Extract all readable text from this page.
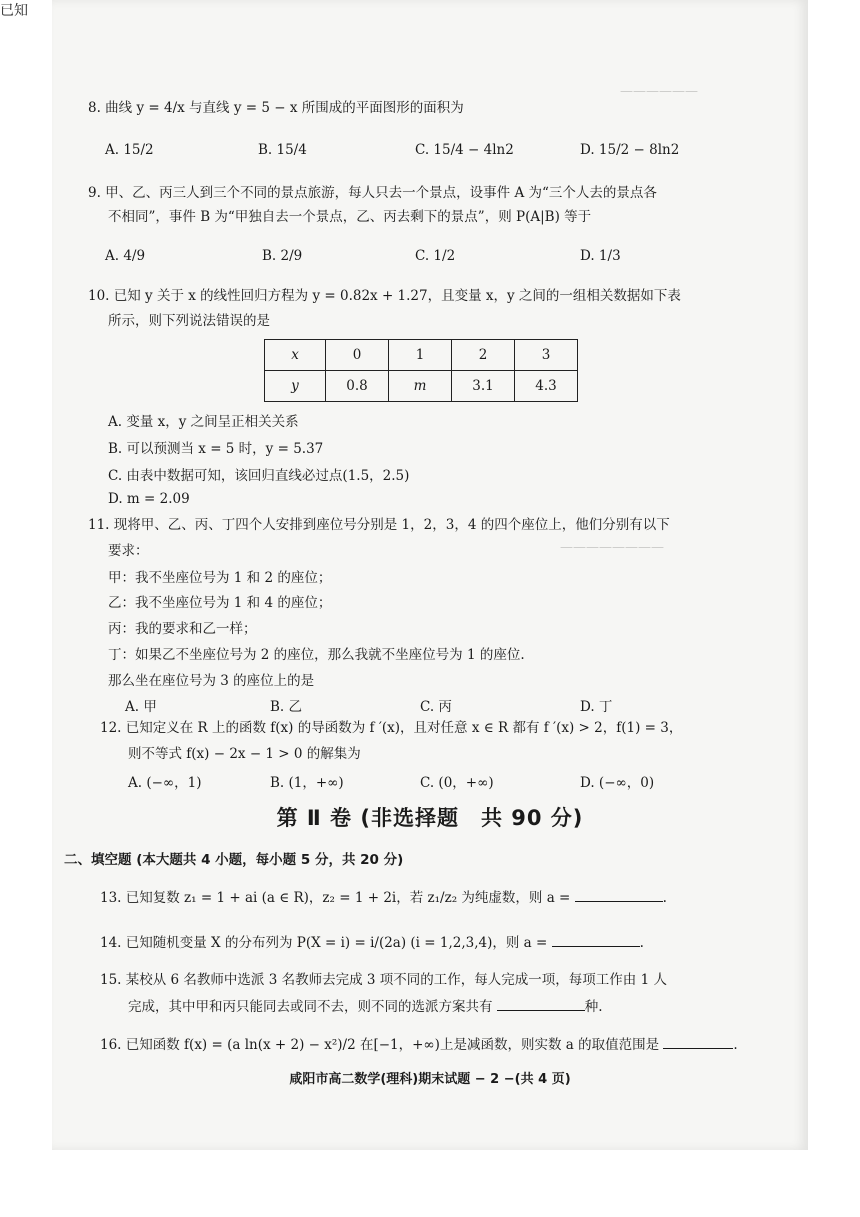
已知
——————
————————
8. 曲线 y = 4/x 与直线 y = 5 − x 所围成的平面图形的面积为
A. 15/2	B. 15/4	C. 15/4 − 4ln2	D. 15/2 − 8ln2
9. 甲、乙、丙三人到三个不同的景点旅游，每人只去一个景点，设事件 A 为“三个人去的景点各
不相同”，事件 B 为“甲独自去一个景点，乙、丙去剩下的景点”，则 P(A|B) 等于
A. 4/9	B. 2/9	C. 1/2	D. 1/3
10. 已知 y 关于 x 的线性回归方程为 y = 0.82x + 1.27，且变量 x，y 之间的一组相关数据如下表
所示，则下列说法错误的是
x	0	1	2	3
y	0.8	m	3.1	4.3
A. 变量 x，y 之间呈正相关关系
B. 可以预测当 x = 5 时，y = 5.37
C. 由表中数据可知，该回归直线必过点(1.5，2.5)
D. m = 2.09
11. 现将甲、乙、丙、丁四个人安排到座位号分别是 1，2，3，4 的四个座位上，他们分别有以下
要求：
甲：我不坐座位号为 1 和 2 的座位；
乙：我不坐座位号为 1 和 4 的座位；
丙：我的要求和乙一样；
丁：如果乙不坐座位号为 2 的座位，那么我就不坐座位号为 1 的座位.
那么坐在座位号为 3 的座位上的是
A. 甲	B. 乙	C. 丙	D. 丁
12. 已知定义在 R 上的函数 f(x) 的导函数为 f ′(x)，且对任意 x ∈ R 都有 f ′(x) > 2，f(1) = 3，
则不等式 f(x) − 2x − 1 > 0 的解集为
A. (−∞，1)	B. (1，+∞)	C. (0，+∞)	D. (−∞，0)
第 Ⅱ 卷 (非选择题　共 90 分)
二、填空题 (本大题共 4 小题，每小题 5 分，共 20 分)
13. 已知复数 z₁ = 1 + ai (a ∈ R)，z₂ = 1 + 2i，若 z₁/z₂ 为纯虚数，则 a =	.
14. 已知随机变量 X 的分布列为 P(X = i) = i/(2a) (i = 1,2,3,4)，则 a =	.
15. 某校从 6 名教师中选派 3 名教师去完成 3 项不同的工作，每人完成一项，每项工作由 1 人
完成，其中甲和丙只能同去或同不去，则不同的选派方案共有	种.
16. 已知函数 f(x) = (a ln(x + 2) − x²)/2 在[−1，+∞)上是减函数，则实数 a 的取值范围是	.
咸阳市高二数学(理科)期末试题 − 2 −(共 4 页)
